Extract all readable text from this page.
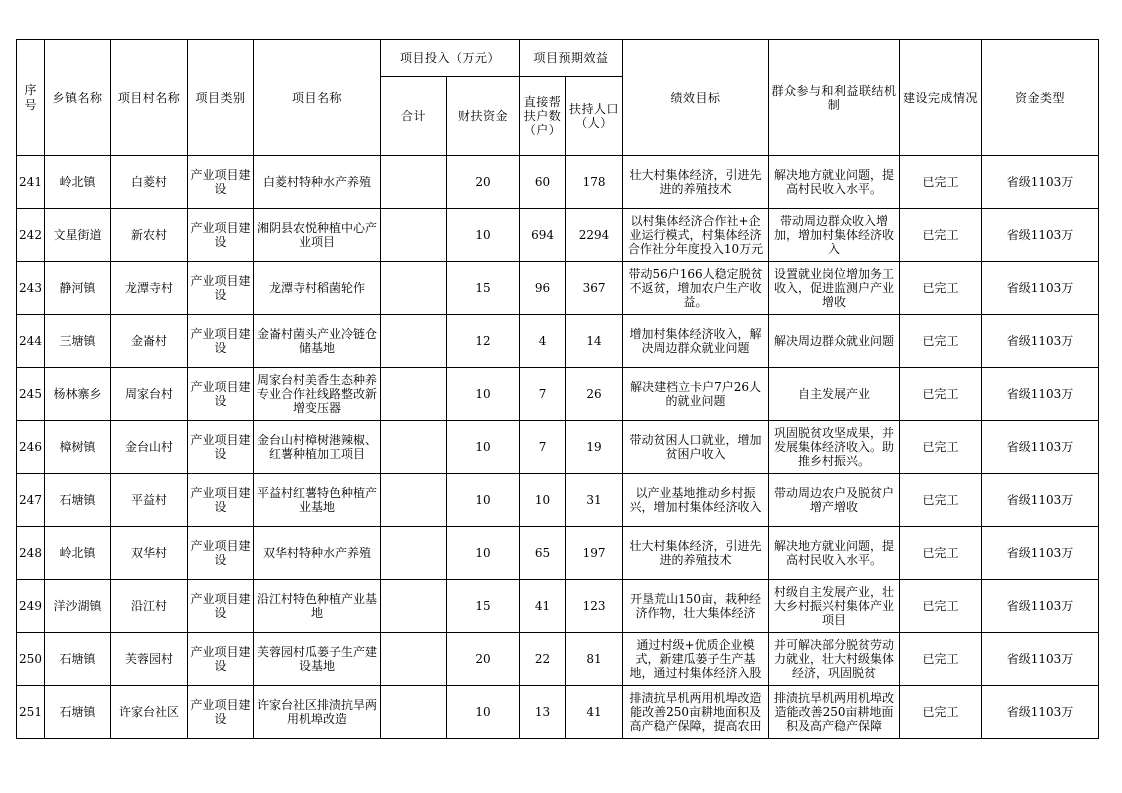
序号	乡镇名称	项目村名称	项目类别	项目名称	项目投入（万元）		项目预期效益		绩效目标	群众参与和利益联结机制	建设完成情况	资金类型
					合计	财扶资金	直接帮扶户数（户）	扶持人口（人）				

241	岭北镇	白菱村	产业项目建设	白菱村特种水产养殖		20	60	178	壮大村集体经济，引进先进的养殖技术	解决地方就业问题，提高村民收入水平。	已完工	省级1103万

242	文星街道	新农村	产业项目建设	湘阴县农悦种植中心产业项目		10	694	2294	以村集体经济合作社+企业运行模式，村集体经济合作社分年度投入10万元	带动周边群众收入增加，增加村集体经济收入	已完工	省级1103万

243	静河镇	龙潭寺村	产业项目建设	龙潭寺村稻菌轮作		15	96	367	带动56户166人稳定脱贫不返贫，增加农户生产收益。	设置就业岗位增加务工收入，促进监测户产业增收	已完工	省级1103万

244	三塘镇	金崙村	产业项目建设	金崙村菌头产业冷链仓储基地		12	4	14	增加村集体经济收入，解决周边群众就业问题	解决周边群众就业问题	已完工	省级1103万

245	杨林寨乡	周家台村	产业项目建设	周家台村美香生态种养专业合作社线路整改新增变压器		10	7	26	解决建档立卡户7户26人的就业问题	自主发展产业	已完工	省级1103万

246	樟树镇	金台山村	产业项目建设	金台山村樟树港辣椒、红薯种植加工项目		10	7	19	带动贫困人口就业，增加贫困户收入	巩固脱贫攻坚成果，并发展集体经济收入。助推乡村振兴。	已完工	省级1103万

247	石塘镇	平益村	产业项目建设	平益村红薯特色种植产业基地		10	10	31	以产业基地推动乡村振兴，增加村集体经济收入	带动周边农户及脱贫户增产增收	已完工	省级1103万

248	岭北镇	双华村	产业项目建设	双华村特种水产养殖		10	65	197	壮大村集体经济，引进先进的养殖技术	解决地方就业问题，提高村民收入水平。	已完工	省级1103万

249	洋沙湖镇	沿江村	产业项目建设	沿江村特色种植产业基地		15	41	123	开垦荒山150亩，栽种经济作物，壮大集体经济	村级自主发展产业，壮大乡村振兴村集体产业项目	已完工	省级1103万

250	石塘镇	芙蓉园村	产业项目建设	芙蓉园村瓜蒌子生产建设基地		20	22	81	通过村级+优质企业模式，新建瓜蒌子生产基地，通过村集体经济入股	并可解决部分脱贫劳动力就业，壮大村级集体经济，巩固脱贫	已完工	省级1103万

251	石塘镇	许家台社区	产业项目建设	许家台社区排渍抗旱两用机埠改造		10	13	41	排渍抗旱机两用机埠改造能改善250亩耕地面积及高产稳产保障，提高农田	排渍抗旱机两用机埠改造能改善250亩耕地面积及高产稳产保障	已完工	省级1103万
